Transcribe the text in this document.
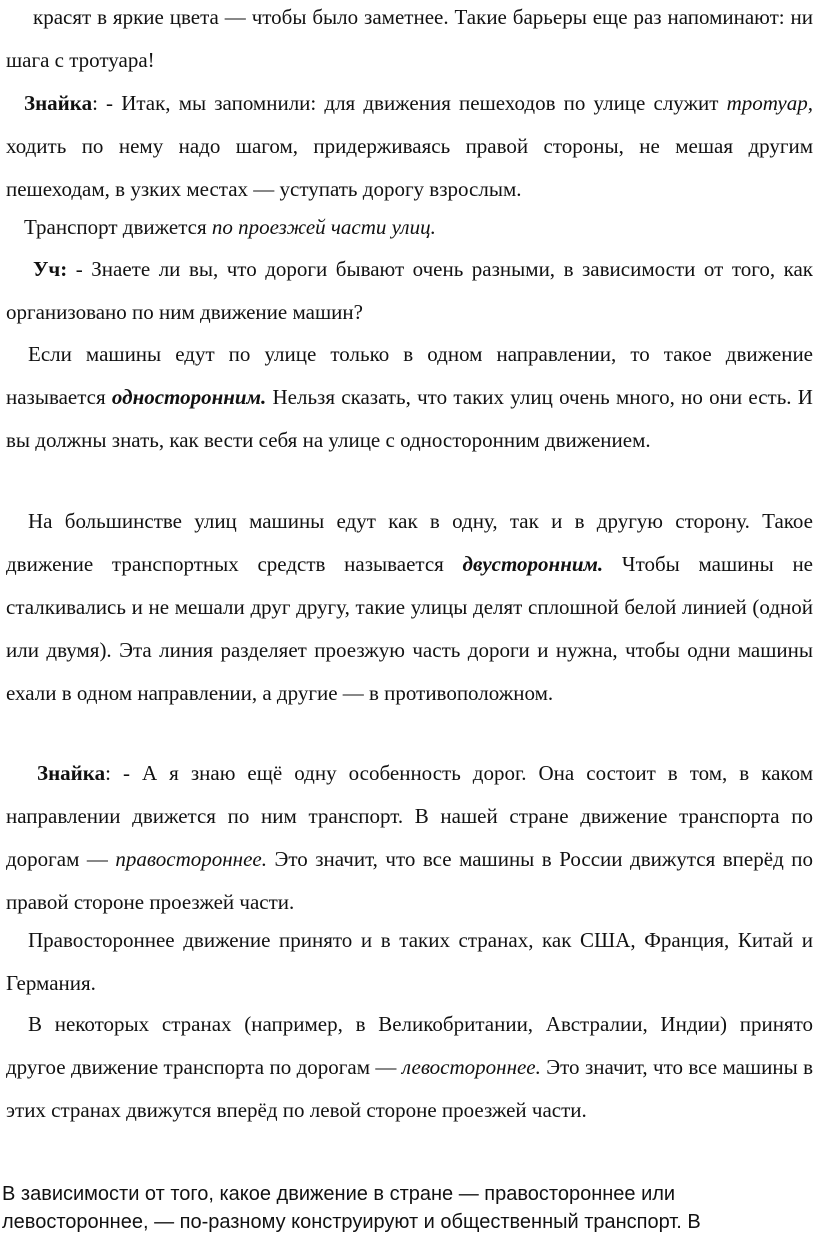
красят в яркие цвета — чтобы было заметнее. Такие барьеры еще раз напоминают: ни шага с тротуара!

Знайка: - Итак, мы запомнили: для движения пешеходов по улице служит тротуар, ходить по нему надо шагом, придерживаясь правой стороны, не мешая другим пешеходам, в узких местах — уступать дорогу взрослым.

Транспорт движется по проезжей части улиц.

Уч: - Знаете ли вы, что дороги бывают очень разными, в зависимости от того, как организовано по ним движение машин?

Если машины едут по улице только в одном направлении, то такое движение называется односторонним. Нельзя сказать, что таких улиц очень много, но они есть. И вы должны знать, как вести себя на улице с односторонним движением.

На большинстве улиц машины едут как в одну, так и в другую сторону. Такое движение транспортных средств называется двусторонним. Чтобы машины не сталкивались и не мешали друг другу, такие улицы делят сплошной белой линией (одной или двумя). Эта линия разделяет проезжую часть дороги и нужна, чтобы одни машины ехали в одном направлении, а другие — в противоположном.

Знайка: - А я знаю ещё одну особенность дорог. Она состоит в том, в каком направлении движется по ним транспорт. В нашей стране движение транспорта по дорогам — правостороннее. Это значит, что все машины в России движутся вперёд по правой стороне проезжей части.

Правостороннее движение принято и в таких странах, как США, Франция, Китай и Германия.

В некоторых странах (например, в Великобритании, Австралии, Индии) принято другое движение транспорта по дорогам — левостороннее. Это значит, что все машины в этих странах движутся вперёд по левой стороне проезжей части.

В зависимости от того, какое движение в стране — правостороннее или левостороннее, — по-разному конструируют и общественный транспорт. В
